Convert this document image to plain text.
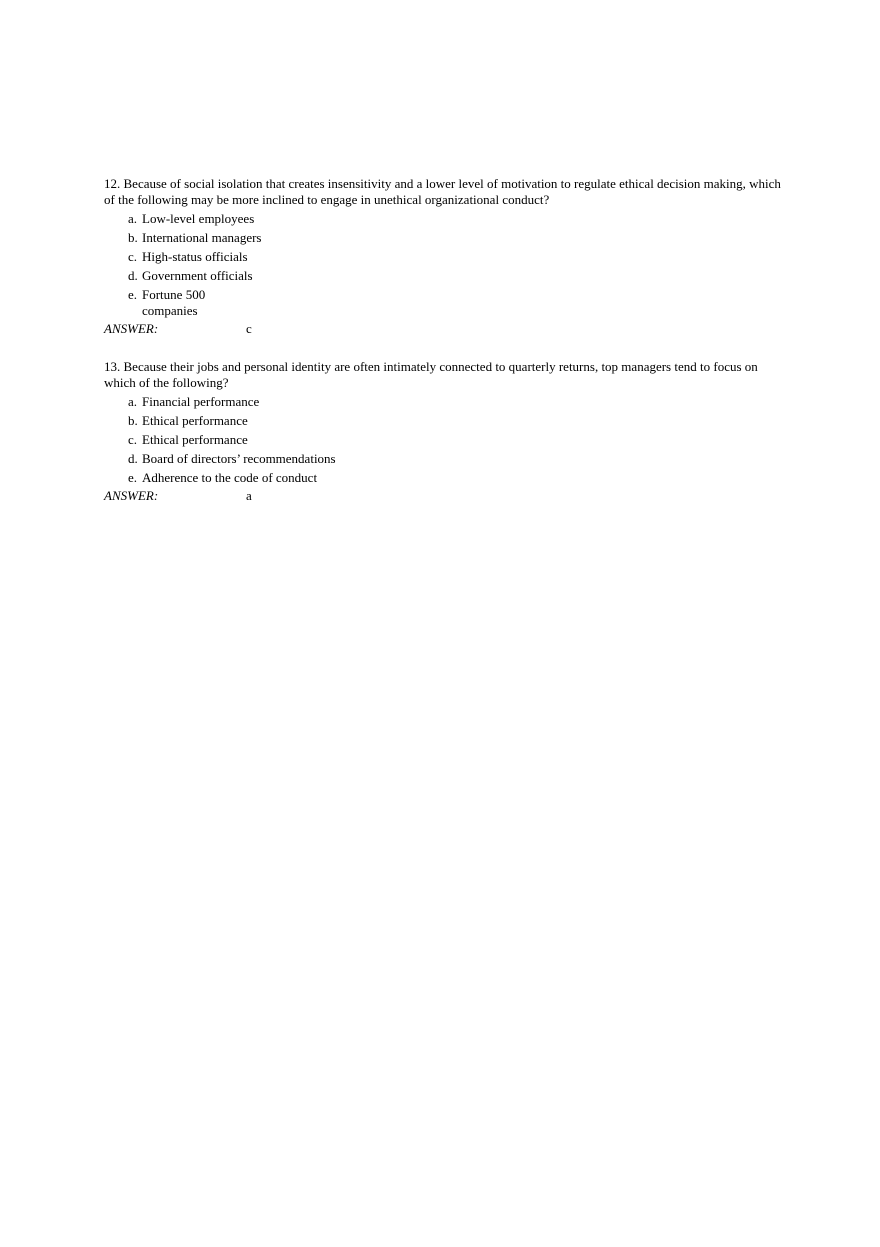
12. Because of social isolation that creates insensitivity and a lower level of motivation to regulate ethical decision making, which of the following may be more inclined to engage in unethical organizational conduct?

a. Low-level employees
b. International managers
c. High-status officials
d. Government officials
e. Fortune 500 companies
ANSWER:	c

13. Because their jobs and personal identity are often intimately connected to quarterly returns, top managers tend to focus on which of the following?

a. Financial performance
b. Ethical performance
c. Ethical performance
d. Board of directors’ recommendations
e. Adherence to the code of conduct
ANSWER:	a
